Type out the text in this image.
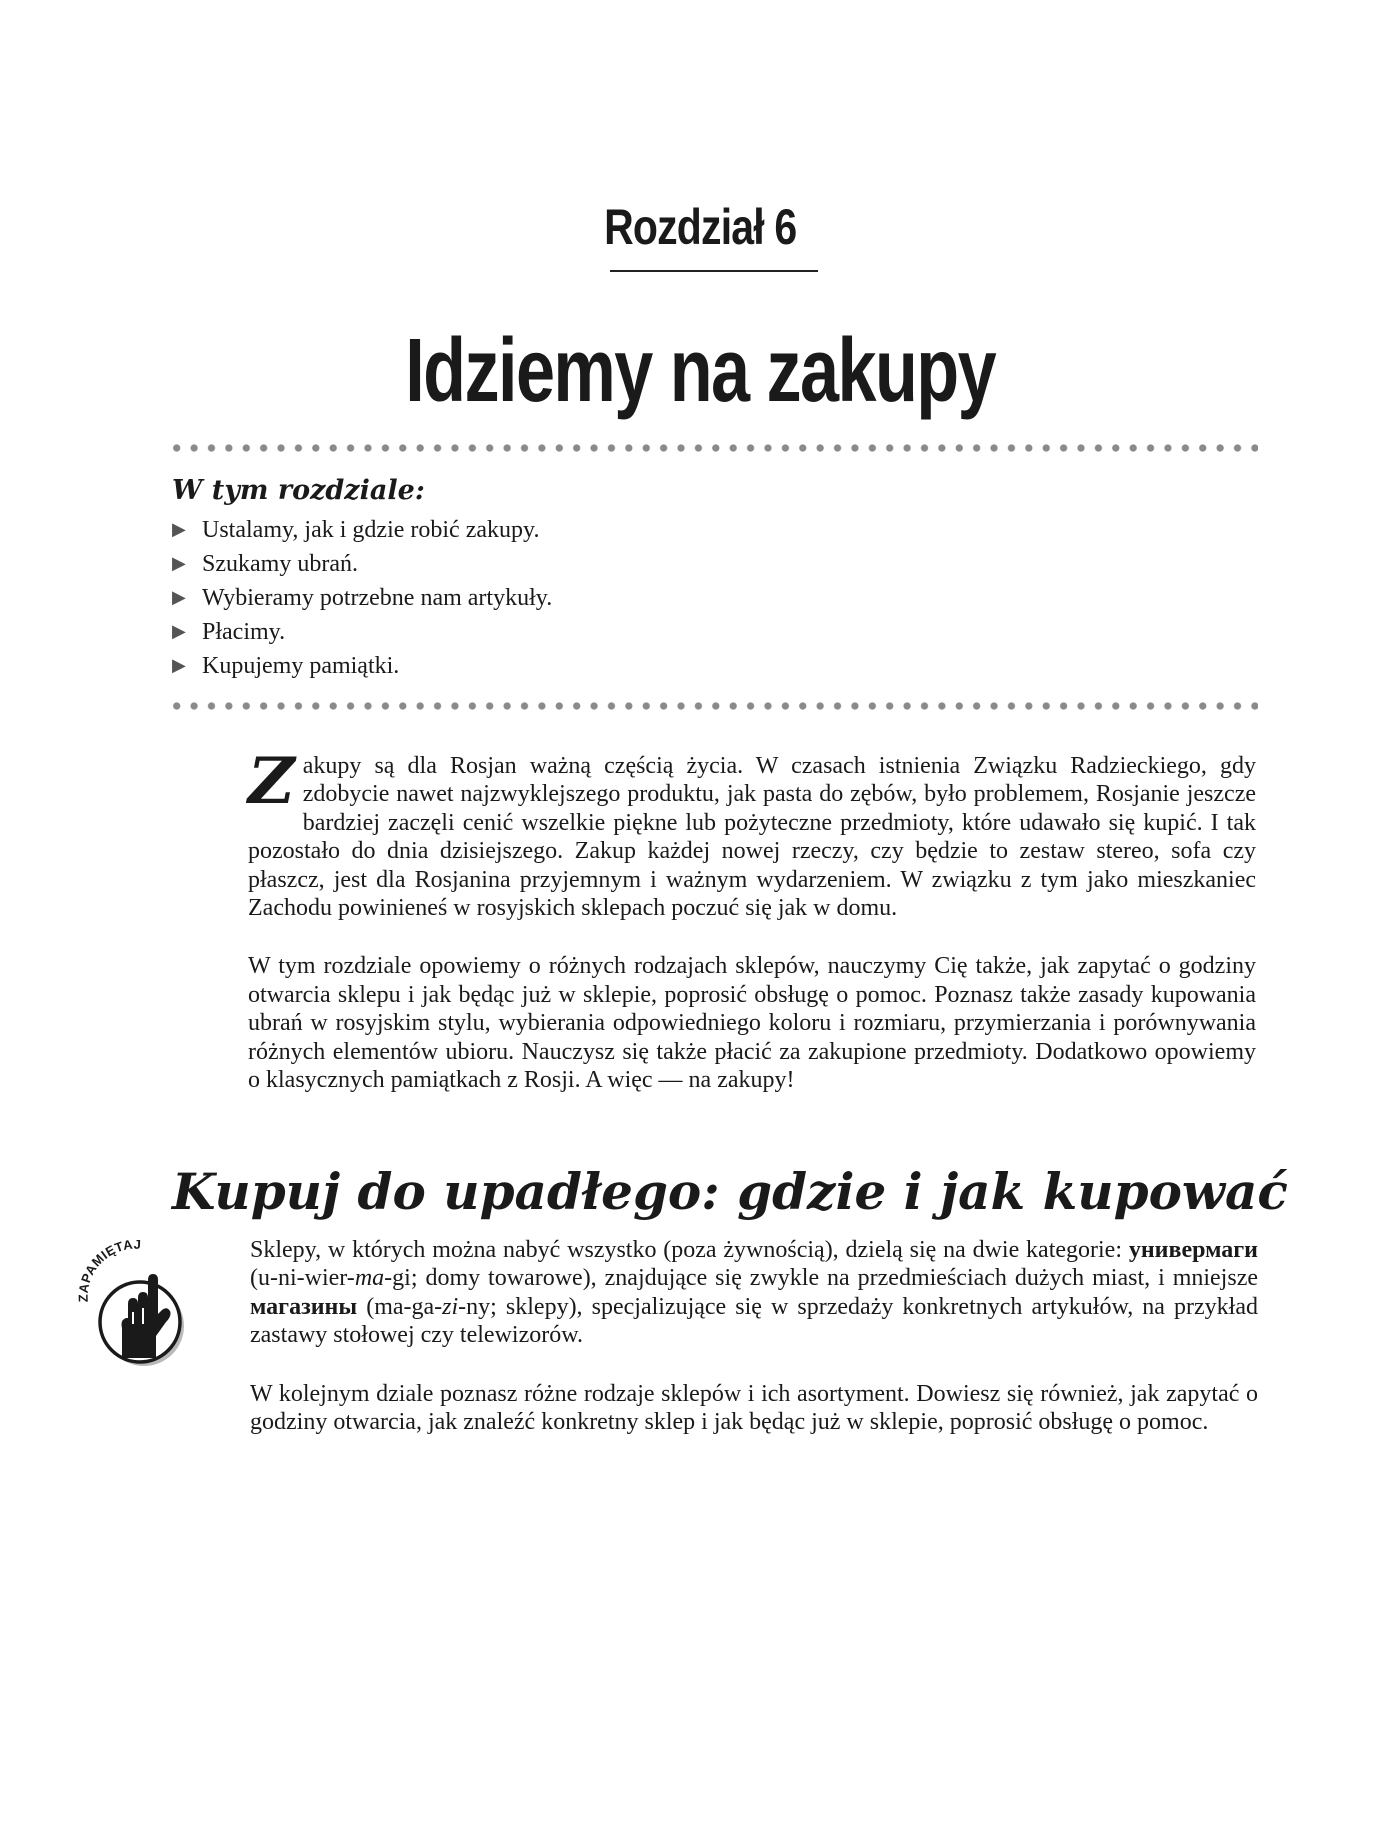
Rozdział 6
Idziemy na zakupy
W tym rozdziale:
▶ Ustalamy, jak i gdzie robić zakupy.
▶ Szukamy ubrań.
▶ Wybieramy potrzebne nam artykuły.
▶ Płacimy.
▶ Kupujemy pamiątki.

Zakupy są dla Rosjan ważną częścią życia. W czasach istnienia Związku Radzieckiego, gdy zdobycie nawet najzwyklejszego produktu, jak pasta do zębów, było problemem, Rosjanie jeszcze bardziej zaczęli cenić wszelkie piękne lub pożyteczne przedmioty, które udawało się kupić. I tak pozostało do dnia dzisiejszego. Zakup każdej nowej rzeczy, czy będzie to zestaw stereo, sofa czy płaszcz, jest dla Rosjanina przyjemnym i ważnym wydarzeniem. W związku z tym jako mieszkaniec Zachodu powinieneś w rosyjskich sklepach poczuć się jak w domu.

W tym rozdziale opowiemy o różnych rodzajach sklepów, nauczymy Cię także, jak zapytać o godziny otwarcia sklepu i jak będąc już w sklepie, poprosić obsługę o pomoc. Poznasz także zasady kupowania ubrań w rosyjskim stylu, wybierania odpowiedniego koloru i rozmiaru, przymierzania i porównywania różnych elementów ubioru. Nauczysz się także płacić za zakupione przedmioty. Dodatkowo opowiemy o klasycznych pamiątkach z Rosji. A więc — na zakupy!

Kupuj do upadłego: gdzie i jak kupować
ZAPAMIĘTAJ	Sklepy, w których można nabyć wszystko (poza żywnością), dzielą się na dwie kategorie: универмаги (u-ni-wier-ma-gi; domy towarowe), znajdujące się zwykle na przedmieściach dużych miast, i mniejsze магазины (ma-ga-zi-ny; sklepy), specjalizujące się w sprzedaży konkretnych artykułów, na przykład zastawy stołowej czy telewizorów.

W kolejnym dziale poznasz różne rodzaje sklepów i ich asortyment. Dowiesz się również, jak zapytać o godziny otwarcia, jak znaleźć konkretny sklep i jak będąc już w sklepie, poprosić obsługę o pomoc.
